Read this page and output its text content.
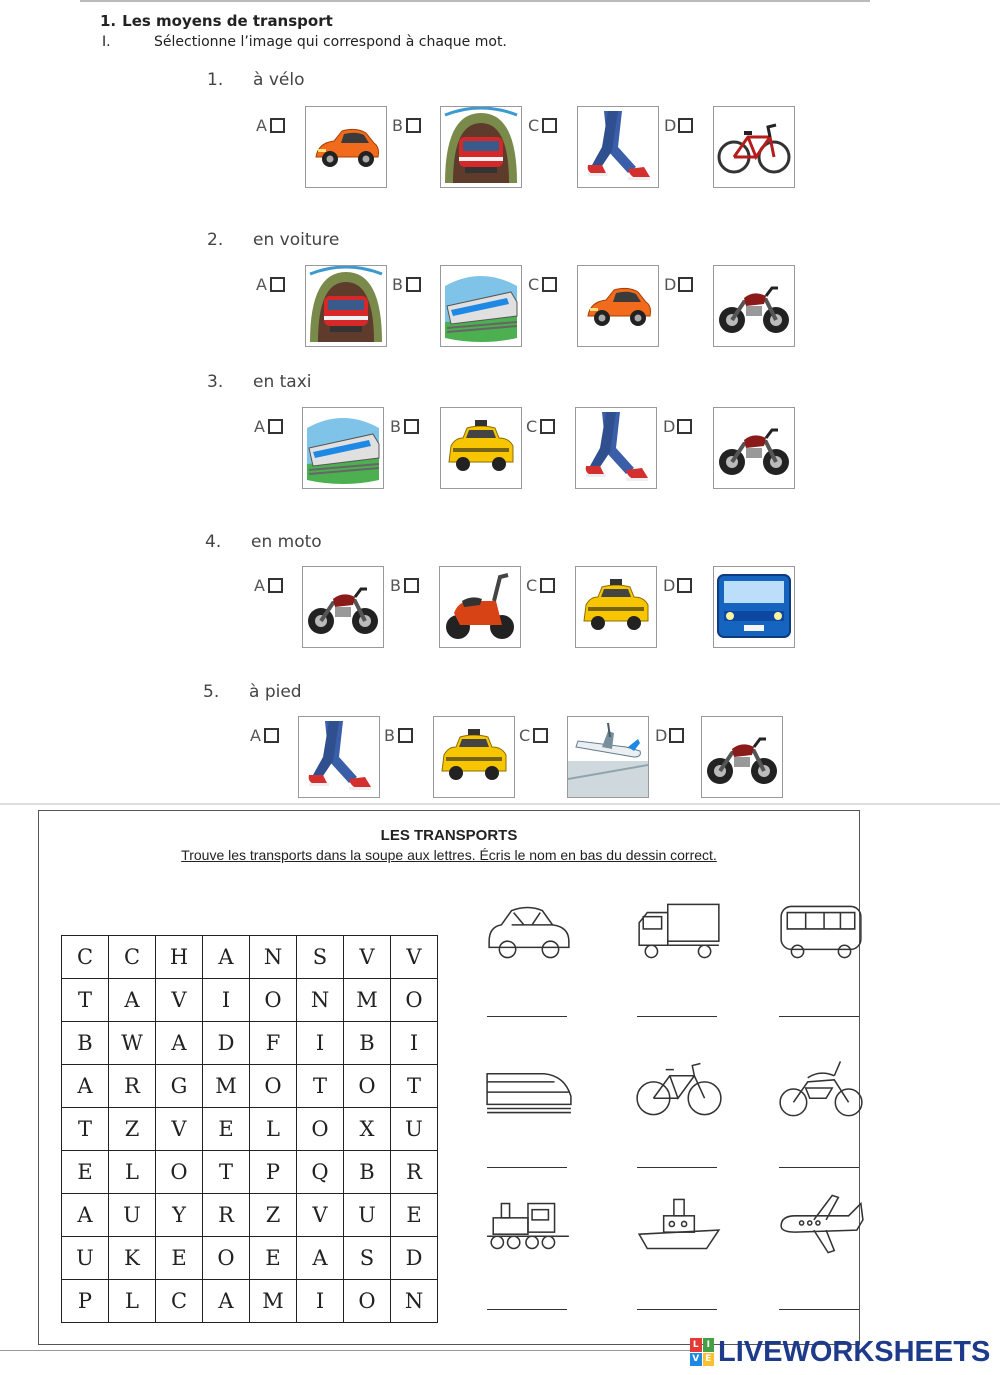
1. Les moyens de transport
I.	Sélectionne l’image qui correspond à chaque mot.
1. à vélo
A	B	C	D
2. en voiture
A	B	C	D
3. en taxi
A	B	C	D
4. en moto
A	B	C	D
5. à pied
A	B	C	D
LES TRANSPORTS
Trouve les transports dans la soupe aux lettres. Écris le nom en bas du dessin correct.
C	C	H	A	N	S	V	V
T	A	V	I	O	N	M	O
B	W	A	D	F	I	B	I
A	R	G	M	O	T	O	T
T	Z	V	E	L	O	X	U
E	L	O	T	P	Q	B	R
A	U	Y	R	Z	V	U	E
U	K	E	O	E	A	S	D
P	L	C	A	M	I	O	N
L I
V E LIVEWORKSHEETS
